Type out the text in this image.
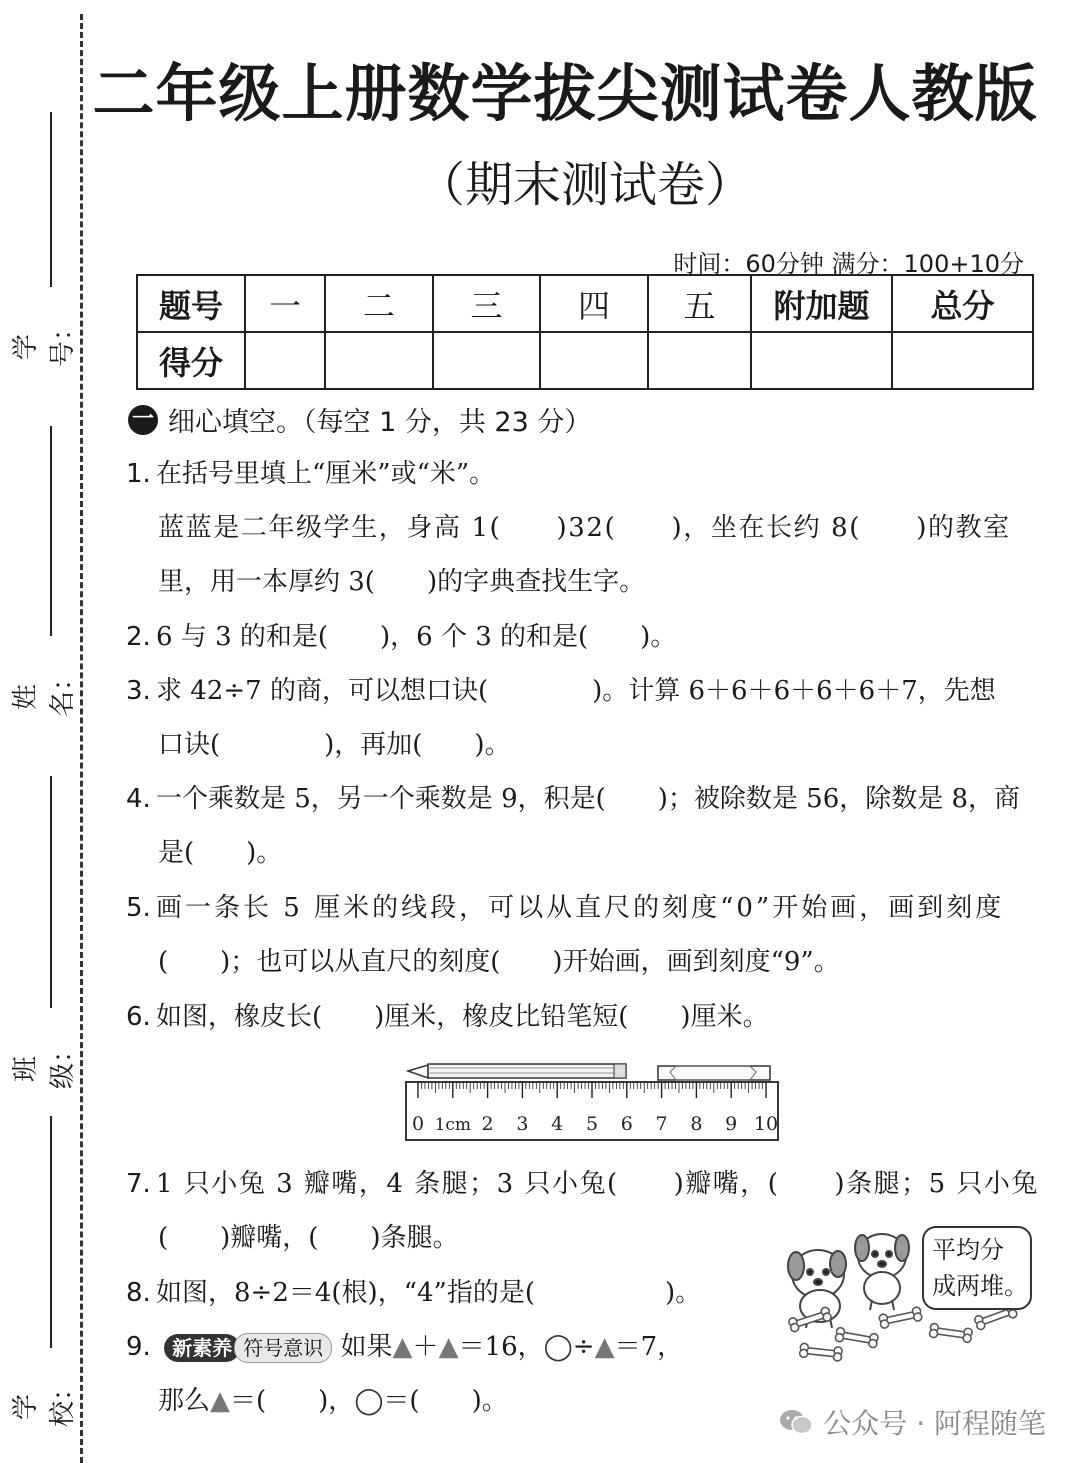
学号：
姓名：
班级：
学校：
二年级上册数学拔尖测试卷人教版
（期末测试卷）
时间：60分钟 满分：100+10分
题号	一	二	三	四	五	附加题	总分
得分							
一 细心填空。（每空 1 分，共 23 分）
1. 在括号里填上“厘米”或“米”。
蓝蓝是二年级学生，身高 1(　　)32(　　)，坐在长约 8(　　)的教室
里，用一本厚约 3(　　)的字典查找生字。
2. 6 与 3 的和是(　　)，6 个 3 的和是(　　)。
3. 求 42÷7 的商，可以想口诀(　　　　)。计算 6＋6＋6＋6＋6＋7，先想
口诀(　　　　)，再加(　　)。
4. 一个乘数是 5，另一个乘数是 9，积是(　　)；被除数是 56，除数是 8，商
是(　　)。
5. 画一条长 5 厘米的线段，可以从直尺的刻度“0”开始画，画到刻度
(　　)；也可以从直尺的刻度(　　)开始画，画到刻度“9”。
6. 如图，橡皮长(　　)厘米，橡皮比铅笔短(　　)厘米。
0 1cm 2 3 4 5 6 7 8 9 10
7. 1 只小兔 3 瓣嘴，4 条腿；3 只小兔(　　)瓣嘴，(　　)条腿；5 只小兔
(　　)瓣嘴，(　　)条腿。
8. 如图，8÷2＝4(根)，“4”指的是(　　　　　)。
9. 新素养 符号意识 如果▲＋▲＝16，◯÷▲＝7，
那么▲＝(　　)，◯＝(　　)。
平均分
成两堆。
公众号 · 阿程随笔
